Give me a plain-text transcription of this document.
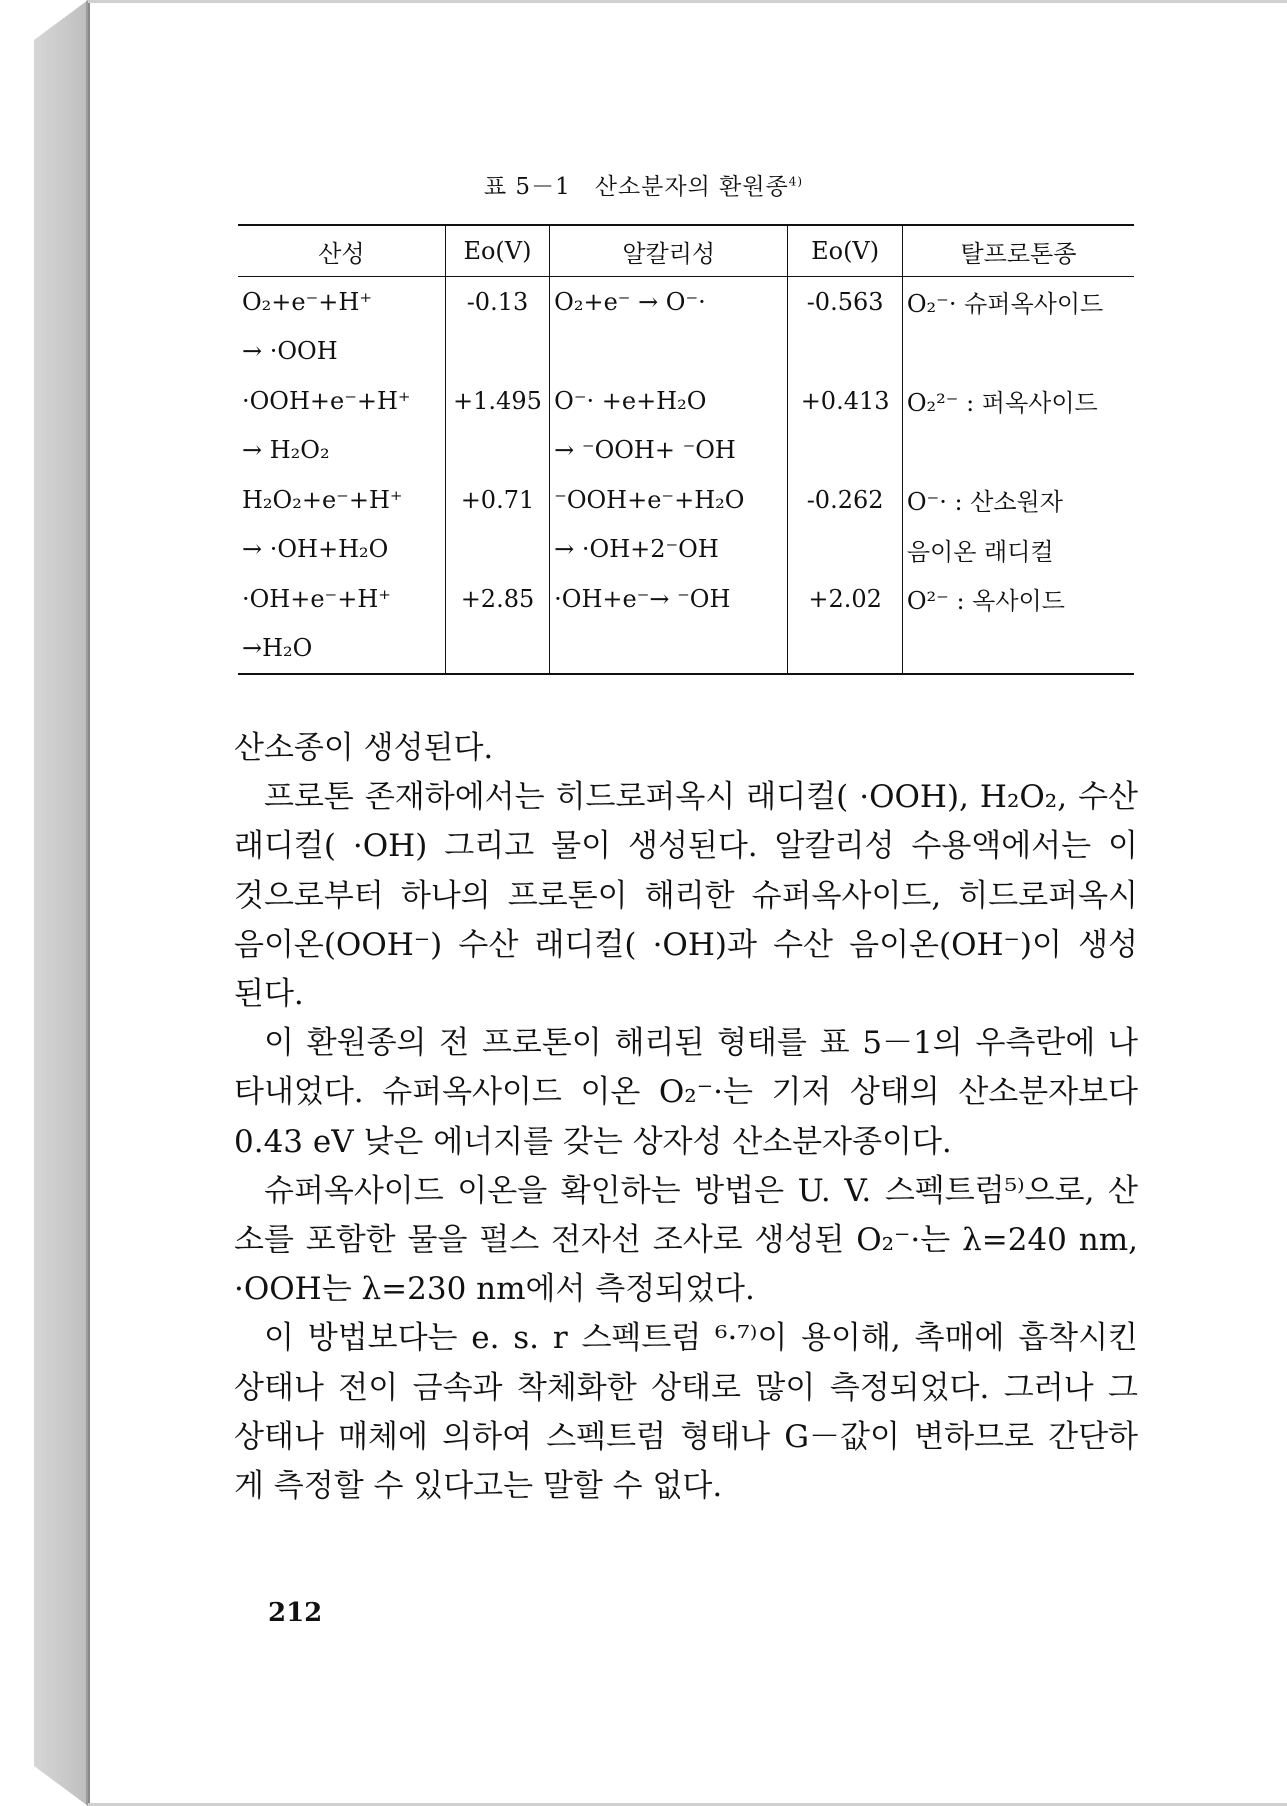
표 5－1　산소분자의 환원종$^{4)}$
산성	Eo(V)	알칼리성	Eo(V)	탈프로톤종
O₂+e⁻+H⁺	-0.13	O₂+e⁻ → O⁻·	-0.563	O₂⁻· 슈퍼옥사이드
→ ·OOH				
·OOH+e⁻+H⁺	+1.495	O⁻· +e+H₂O	+0.413	O₂²⁻ : 퍼옥사이드
→ H₂O₂		→ ⁻OOH+ ⁻OH		
H₂O₂+e⁻+H⁺	+0.71	⁻OOH+e⁻+H₂O	-0.262	O⁻· : 산소원자
→ ·OH+H₂O		→ ·OH+2⁻OH		음이온 래디컬
·OH+e⁻+H⁺	+2.85	·OH+e⁻→ ⁻OH	+2.02	O²⁻ : 옥사이드
→H₂O				

산소종이 생성된다.

프로톤 존재하에서는 히드로퍼옥시 래디컬( ·OOH), H₂O₂, 수산

래디컬( ·OH) 그리고 물이 생성된다. 알칼리성 수용액에서는 이

것으로부터 하나의 프로톤이 해리한 슈퍼옥사이드, 히드로퍼옥시

음이온(OOH⁻) 수산 래디컬( ·OH)과 수산 음이온(OH⁻)이 생성

된다.

이 환원종의 전 프로톤이 해리된 형태를 표 5－1의 우측란에 나

타내었다. 슈퍼옥사이드 이온 O₂⁻·는 기저 상태의 산소분자보다

0.43 eV 낮은 에너지를 갖는 상자성 산소분자종이다.

슈퍼옥사이드 이온을 확인하는 방법은 U. V. 스펙트럼⁵⁾으로, 산

소를 포함한 물을 펄스 전자선 조사로 생성된 O₂⁻·는 λ=240 nm,

·OOH는 λ=230 nm에서 측정되었다.

이 방법보다는 e. s. r 스펙트럼 ⁶·⁷⁾이 용이해, 촉매에 흡착시킨

상태나 전이 금속과 착체화한 상태로 많이 측정되었다. 그러나 그

상태나 매체에 의하여 스펙트럼 형태나 G－값이 변하므로 간단하

게 측정할 수 있다고는 말할 수 없다.

212
